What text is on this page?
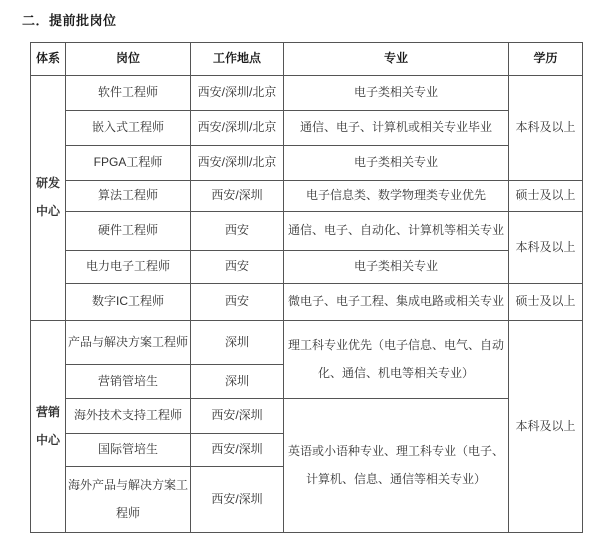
二．提前批岗位
体系	岗位	工作地点	专业	学历
研发中心	软件工程师	西安/深圳/北京	电子类相关专业	本科及以上
	嵌入式工程师	西安/深圳/北京	通信、电子、计算机或相关专业毕业	
	FPGA工程师	西安/深圳/北京	电子类相关专业	
	算法工程师	西安/深圳	电子信息类、数学物理类专业优先	硕士及以上
	硬件工程师	西安	通信、电子、自动化、计算机等相关专业	本科及以上
	电力电子工程师	西安	电子类相关专业	
	数字IC工程师	西安	微电子、电子工程、集成电路或相关专业	硕士及以上
营销中心	产品与解决方案工程师	深圳	理工科专业优先（电子信息、电气、自动化、通信、机电等相关专业）	本科及以上
	营销管培生	深圳		
	海外技术支持工程师	西安/深圳	英语或小语种专业、理工科专业（电子、计算机、信息、通信等相关专业）	
	国际管培生	西安/深圳		
	海外产品与解决方案工程师	西安/深圳		
